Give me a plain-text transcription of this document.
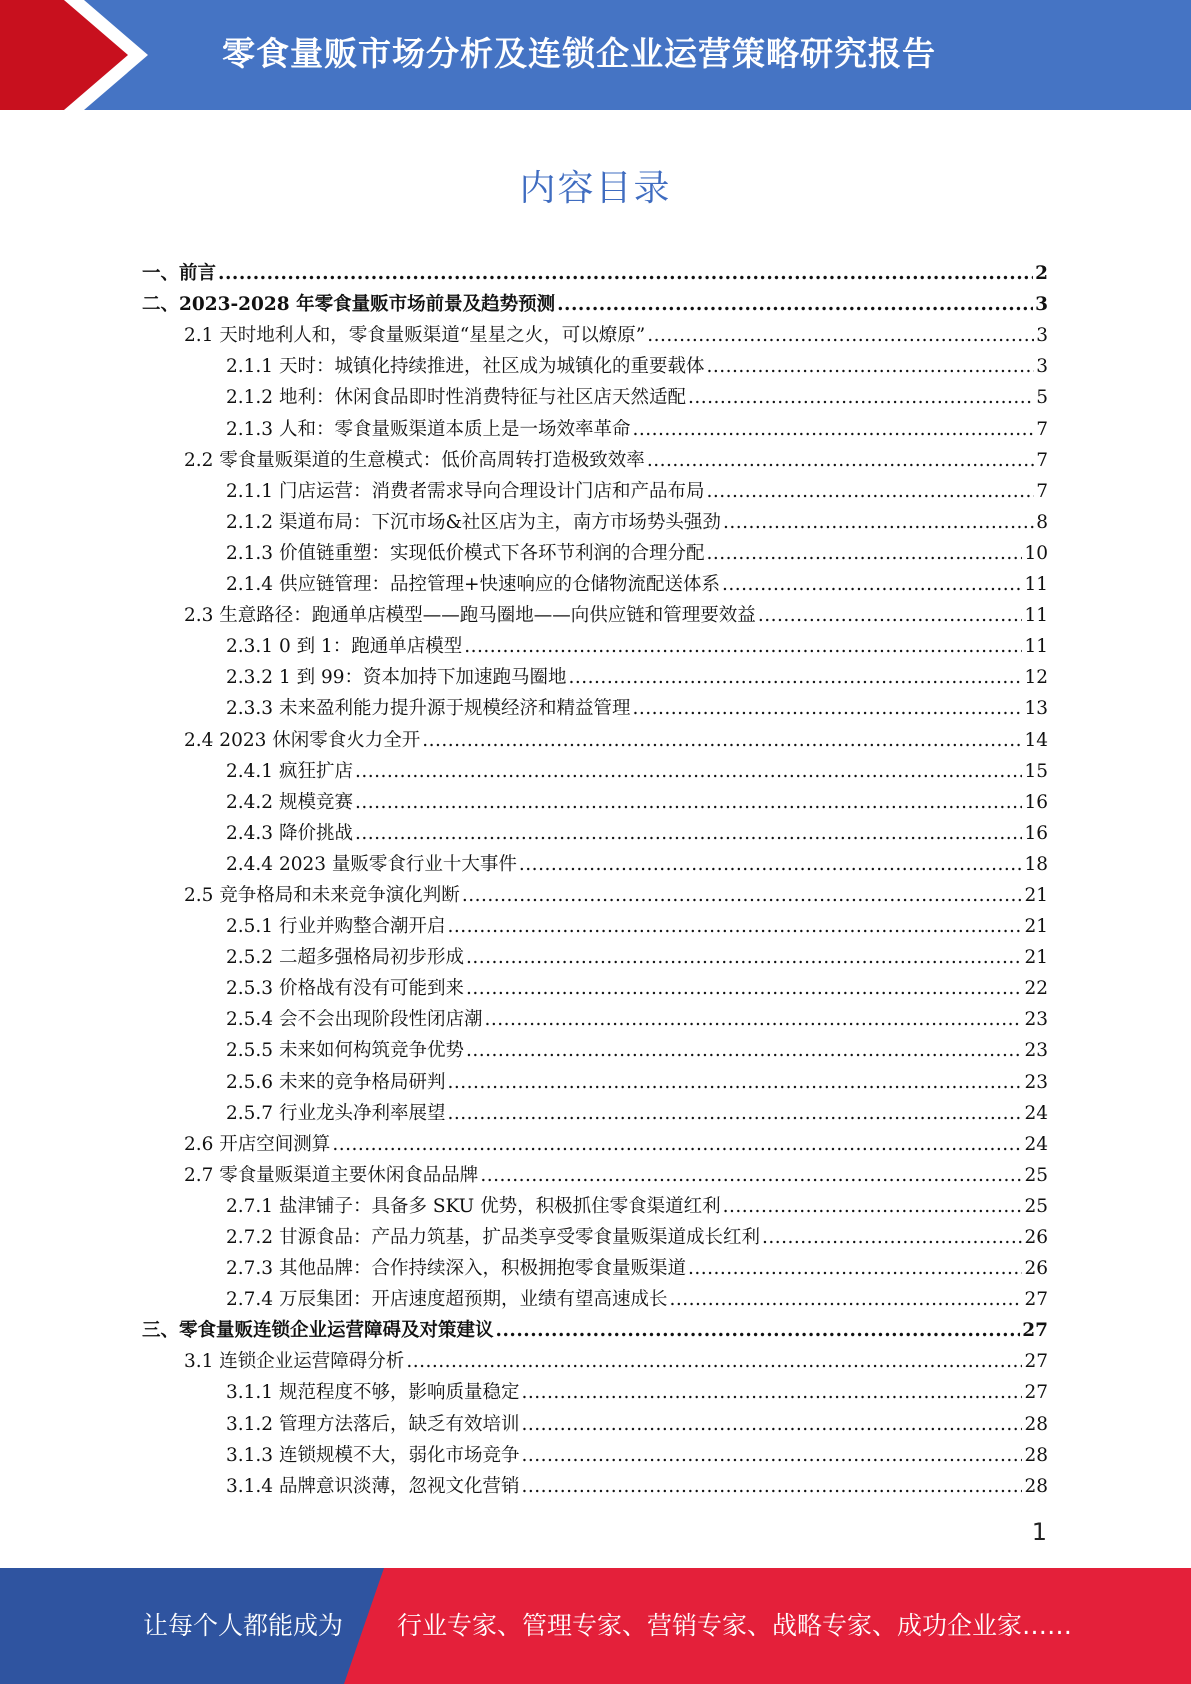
零食量贩市场分析及连锁企业运营策略研究报告
内容目录
一、前言 .....	2
二、2023-2028 年零食量贩市场前景及趋势预测 .....	3
2.1 天时地利人和，零食量贩渠道“星星之火，可以燎原” .....	3
2.1.1 天时：城镇化持续推进，社区成为城镇化的重要载体 .....	3
2.1.2 地利：休闲食品即时性消费特征与社区店天然适配 .....	5
2.1.3 人和：零食量贩渠道本质上是一场效率革命 .....	7
2.2 零食量贩渠道的生意模式：低价高周转打造极致效率 .....	7
2.1.1 门店运营：消费者需求导向合理设计门店和产品布局 .....	7
2.1.2 渠道布局：下沉市场&社区店为主，南方市场势头强劲 .....	8
2.1.3 价值链重塑：实现低价模式下各环节利润的合理分配 .....	10
2.1.4 供应链管理：品控管理+快速响应的仓储物流配送体系 .....	11
2.3 生意路径：跑通单店模型——跑马圈地——向供应链和管理要效益 .....	11
2.3.1 0 到 1：跑通单店模型 .....	11
2.3.2 1 到 99：资本加持下加速跑马圈地 .....	12
2.3.3 未来盈利能力提升源于规模经济和精益管理 .....	13
2.4 2023 休闲零食火力全开 .....	14
2.4.1 疯狂扩店 .....	15
2.4.2 规模竞赛 .....	16
2.4.3 降价挑战 .....	16
2.4.4 2023 量贩零食行业十大事件 .....	18
2.5 竞争格局和未来竞争演化判断 .....	21
2.5.1 行业并购整合潮开启 .....	21
2.5.2 二超多强格局初步形成 .....	21
2.5.3 价格战有没有可能到来 .....	22
2.5.4 会不会出现阶段性闭店潮 .....	23
2.5.5 未来如何构筑竞争优势 .....	23
2.5.6 未来的竞争格局研判 .....	23
2.5.7 行业龙头净利率展望 .....	24
2.6 开店空间测算 .....	24
2.7 零食量贩渠道主要休闲食品品牌 .....	25
2.7.1 盐津铺子：具备多 SKU 优势，积极抓住零食渠道红利 .....	25
2.7.2 甘源食品：产品力筑基，扩品类享受零食量贩渠道成长红利 .....	26
2.7.3 其他品牌：合作持续深入，积极拥抱零食量贩渠道 .....	26
2.7.4 万辰集团：开店速度超预期，业绩有望高速成长 .....	27
三、零食量贩连锁企业运营障碍及对策建议 .....	27
3.1 连锁企业运营障碍分析 .....	27
3.1.1 规范程度不够，影响质量稳定 .....	27
3.1.2 管理方法落后，缺乏有效培训 .....	28
3.1.3 连锁规模不大，弱化市场竞争 .....	28
3.1.4 品牌意识淡薄，忽视文化营销 .....	28
1
让每个人都能成为 行业专家、管理专家、营销专家、战略专家、成功企业家……
